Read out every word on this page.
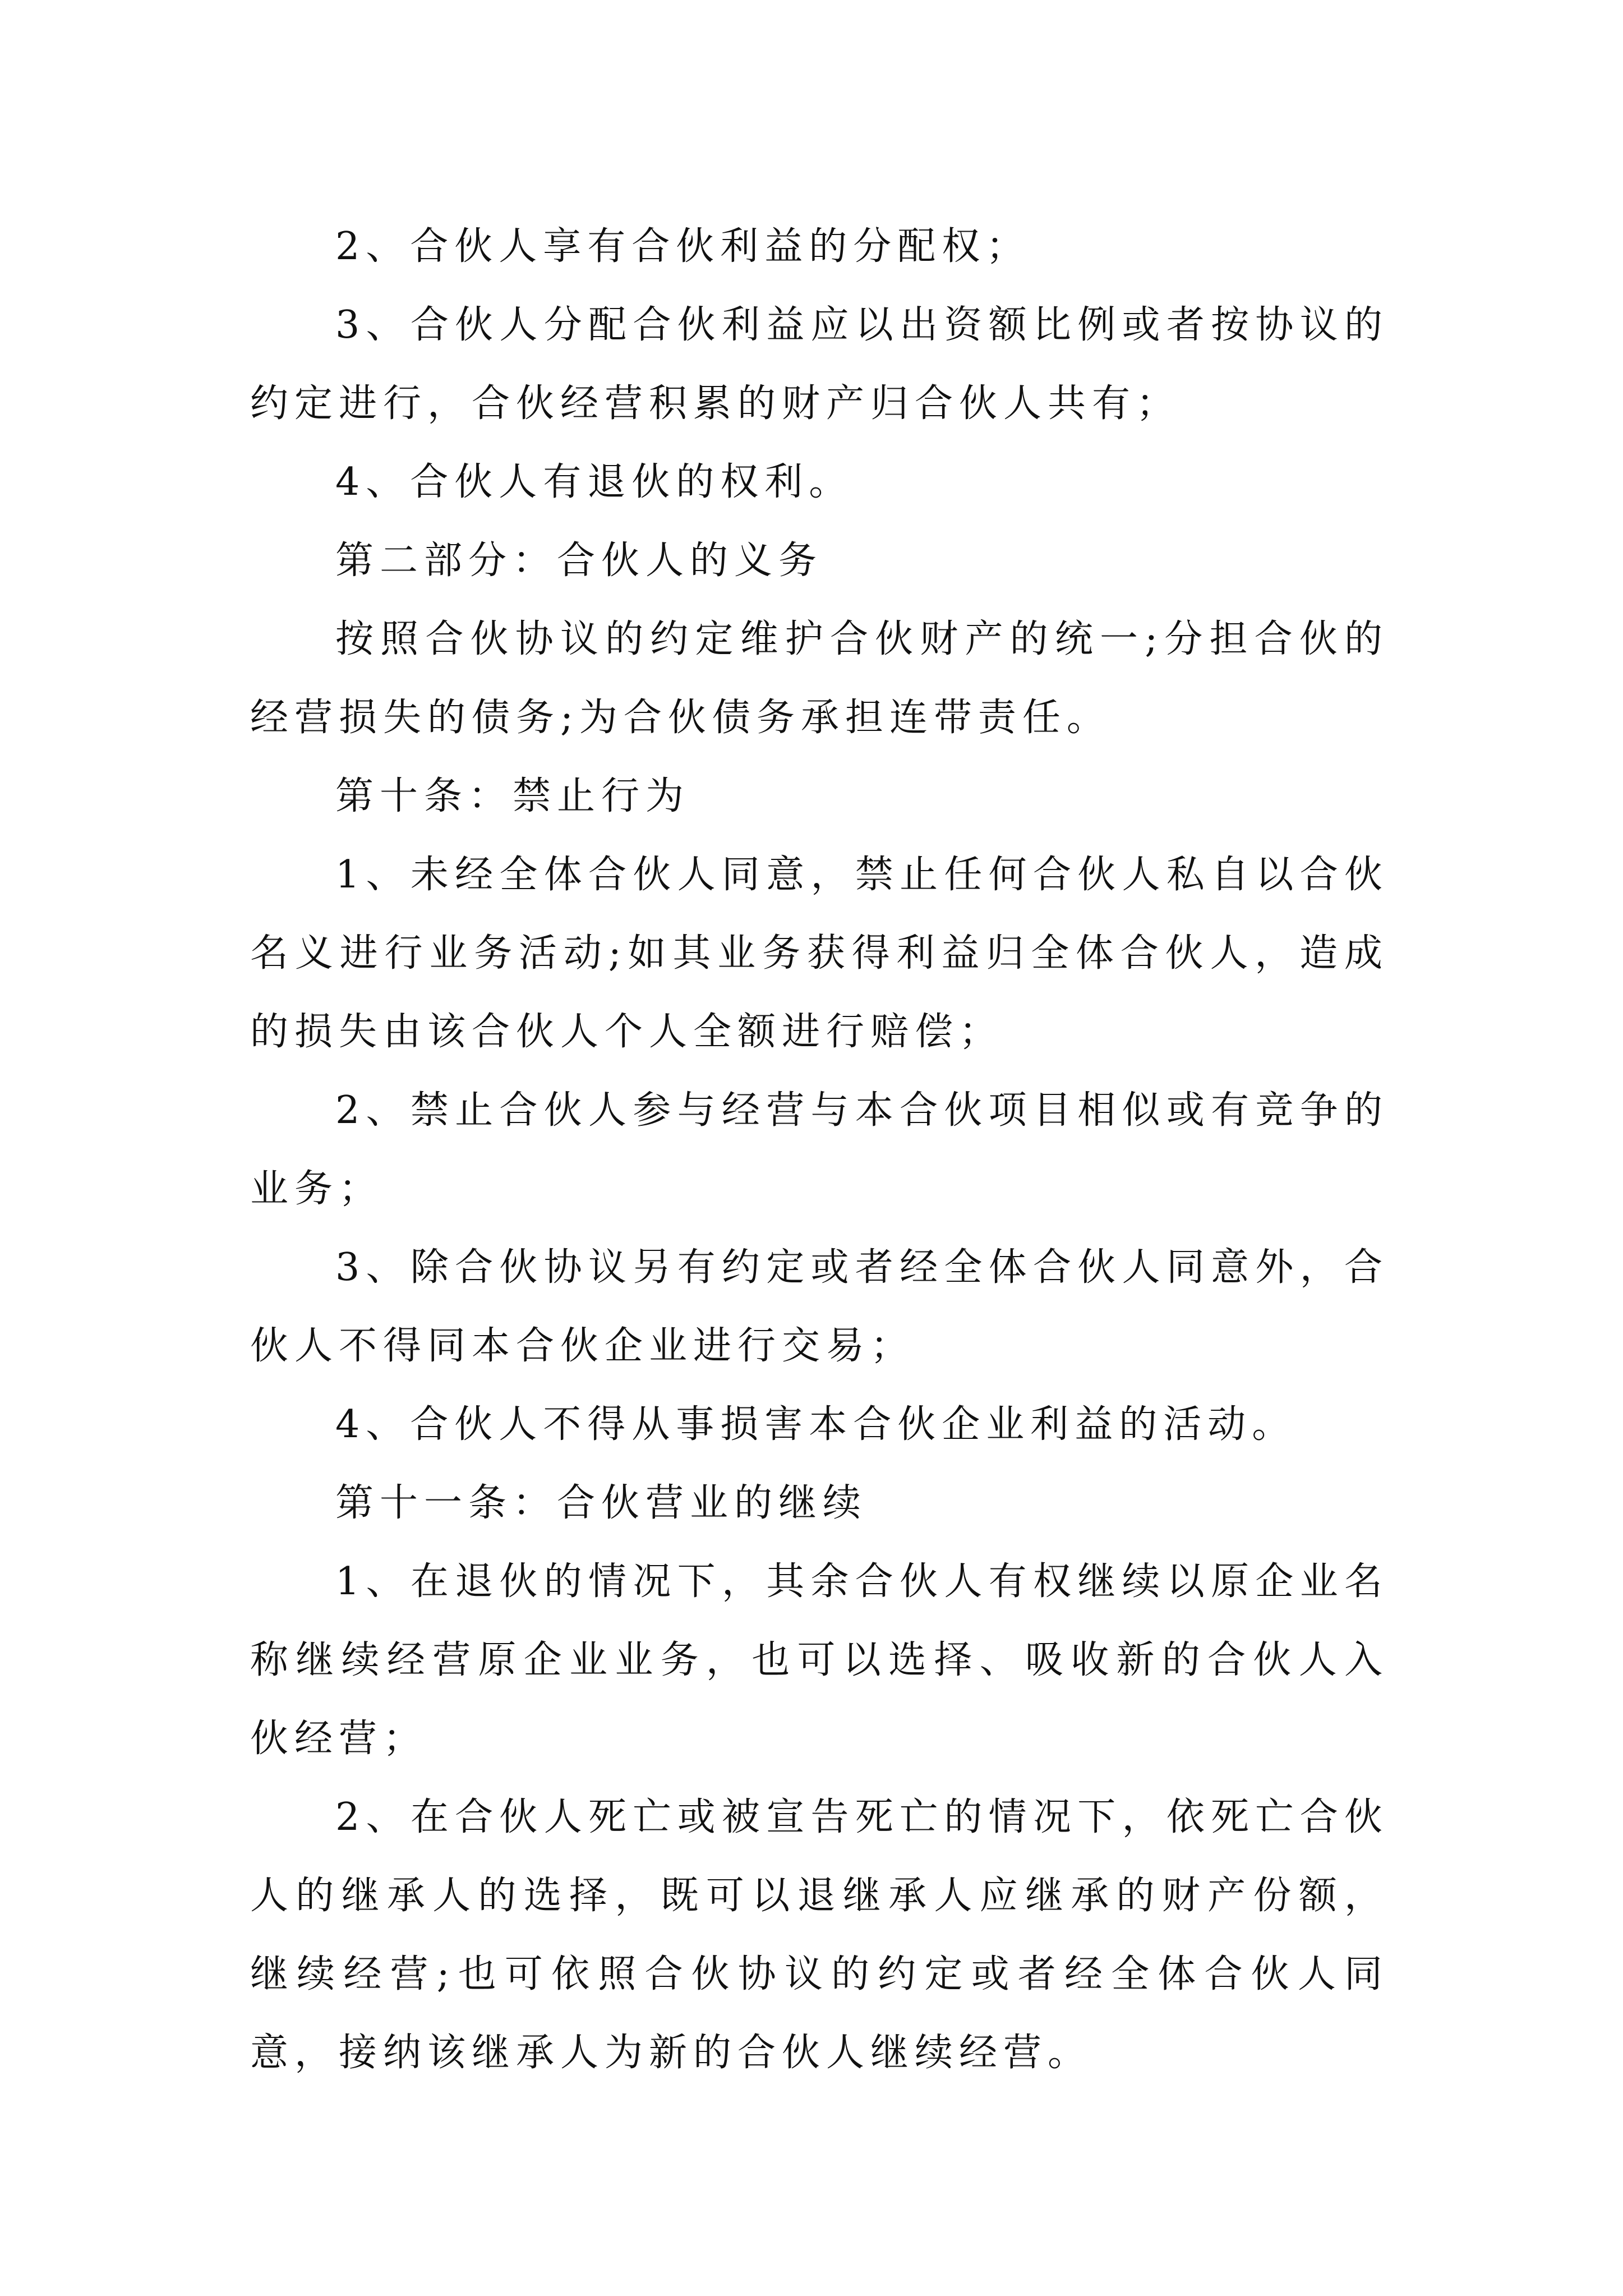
2、合伙人享有合伙利益的分配权；

3、合伙人分配合伙利益应以出资额比例或者按协议的约定进行，合伙经营积累的财产归合伙人共有；

4、合伙人有退伙的权利。

第二部分：合伙人的义务

按照合伙协议的约定维护合伙财产的统一;分担合伙的经营损失的债务;为合伙债务承担连带责任。

第十条：禁止行为

1、未经全体合伙人同意，禁止任何合伙人私自以合伙名义进行业务活动;如其业务获得利益归全体合伙人，造成的损失由该合伙人个人全额进行赔偿；

2、禁止合伙人参与经营与本合伙项目相似或有竞争的业务；

3、除合伙协议另有约定或者经全体合伙人同意外，合伙人不得同本合伙企业进行交易；

4、合伙人不得从事损害本合伙企业利益的活动。

第十一条：合伙营业的继续

1、在退伙的情况下，其余合伙人有权继续以原企业名称继续经营原企业业务，也可以选择、吸收新的合伙人入伙经营；

2、在合伙人死亡或被宣告死亡的情况下，依死亡合伙人的继承人的选择，既可以退继承人应继承的财产份额，继续经营;也可依照合伙协议的约定或者经全体合伙人同意，接纳该继承人为新的合伙人继续经营。
